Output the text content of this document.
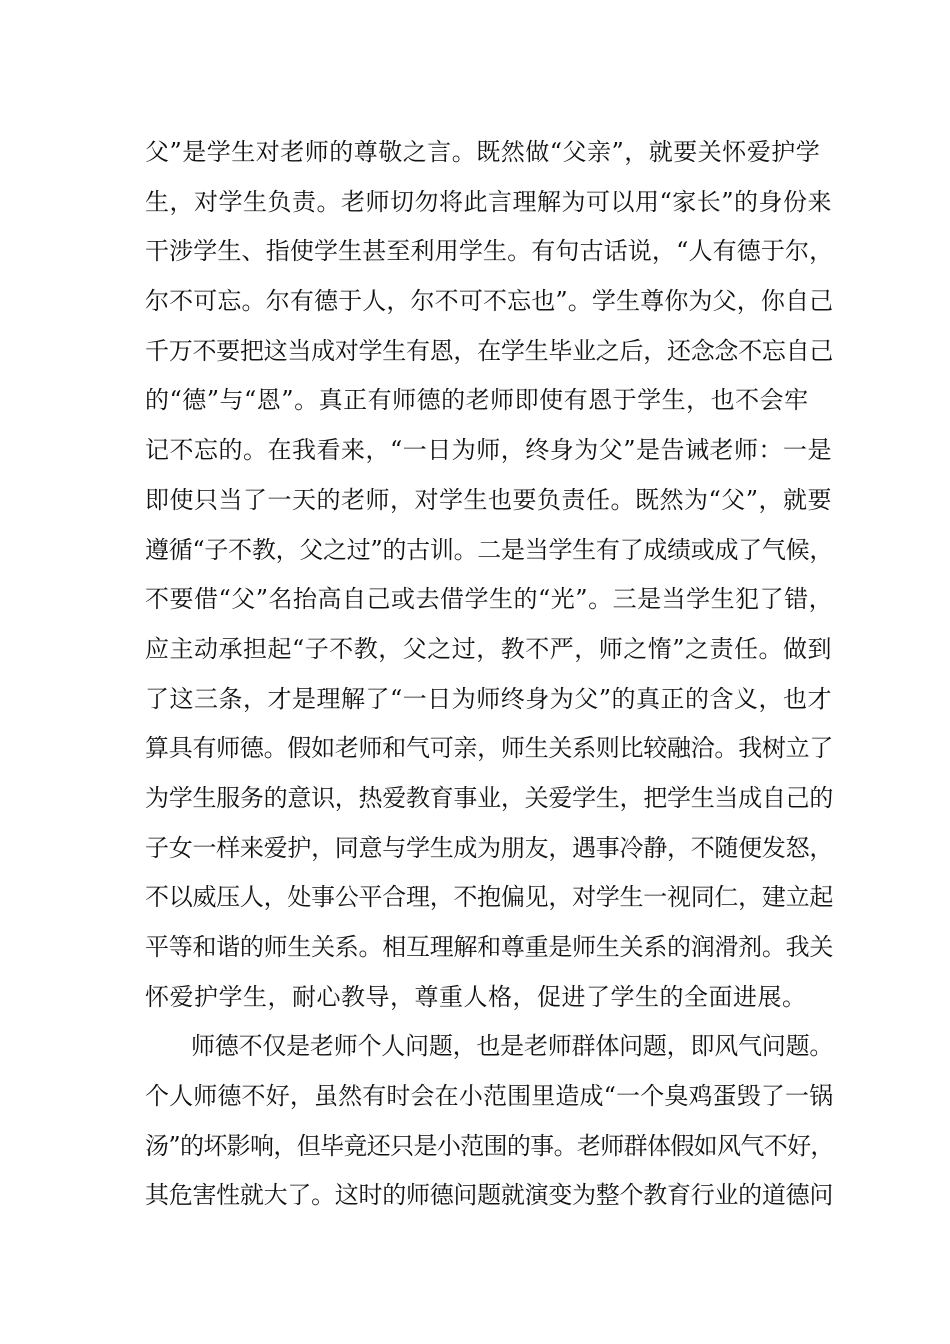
父”是学生对老师的尊敬之言。既然做“父亲”，就要关怀爱护学
生，对学生负责。老师切勿将此言理解为可以用“家长”的身份来
干涉学生、指使学生甚至利用学生。有句古话说，“人有德于尔，
尔不可忘。尔有德于人，尔不可不忘也”。学生尊你为父，你自己
千万不要把这当成对学生有恩，在学生毕业之后，还念念不忘自己
的“德”与“恩”。真正有师德的老师即使有恩于学生，也不会牢
记不忘的。在我看来，“一日为师，终身为父”是告诫老师：一是
即使只当了一天的老师，对学生也要负责任。既然为“父”，就要
遵循“子不教，父之过”的古训。二是当学生有了成绩或成了气候，
不要借“父”名抬高自己或去借学生的“光”。三是当学生犯了错，
应主动承担起“子不教，父之过，教不严，师之惰”之责任。做到
了这三条，才是理解了“一日为师终身为父”的真正的含义，也才
算具有师德。假如老师和气可亲，师生关系则比较融洽。我树立了
为学生服务的意识，热爱教育事业，关爱学生，把学生当成自己的
子女一样来爱护，同意与学生成为朋友，遇事冷静，不随便发怒，
不以威压人，处事公平合理，不抱偏见，对学生一视同仁，建立起
平等和谐的师生关系。相互理解和尊重是师生关系的润滑剂。我关
怀爱护学生，耐心教导，尊重人格，促进了学生的全面进展。
师德不仅是老师个人问题，也是老师群体问题，即风气问题。
个人师德不好，虽然有时会在小范围里造成“一个臭鸡蛋毁了一锅
汤”的坏影响，但毕竟还只是小范围的事。老师群体假如风气不好，
其危害性就大了。这时的师德问题就演变为整个教育行业的道德问
